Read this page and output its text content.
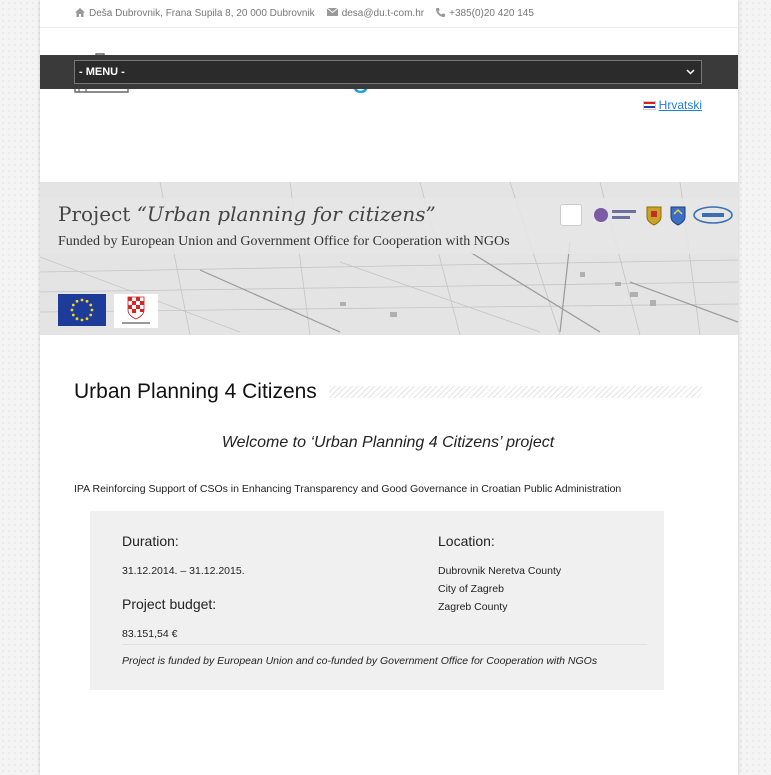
Deša Dubrovnik, Frana Supila 8, 20 000 Dubrovnik	desa@du.t-com.hr	+385(0)20 420 145
Hrvatski
- MENU -
Project “Urban planning for citizens”
Funded by European Union and Government Office for Cooperation with NGOs
Urban Planning 4 Citizens
Welcome to ‘Urban Planning 4 Citizens’ project
IPA Reinforcing Support of CSOs in Enhancing Transparency and Good Governance in Croatian Public Administration
Duration:

31.12.2014. – 31.12.2015.

Project budget:

83.151,54 €

Location:

Dubrovnik Neretva County

City of Zagreb

Zagreb County

Project is funded by European Union and co-funded by Government Office for Cooperation with NGOs
